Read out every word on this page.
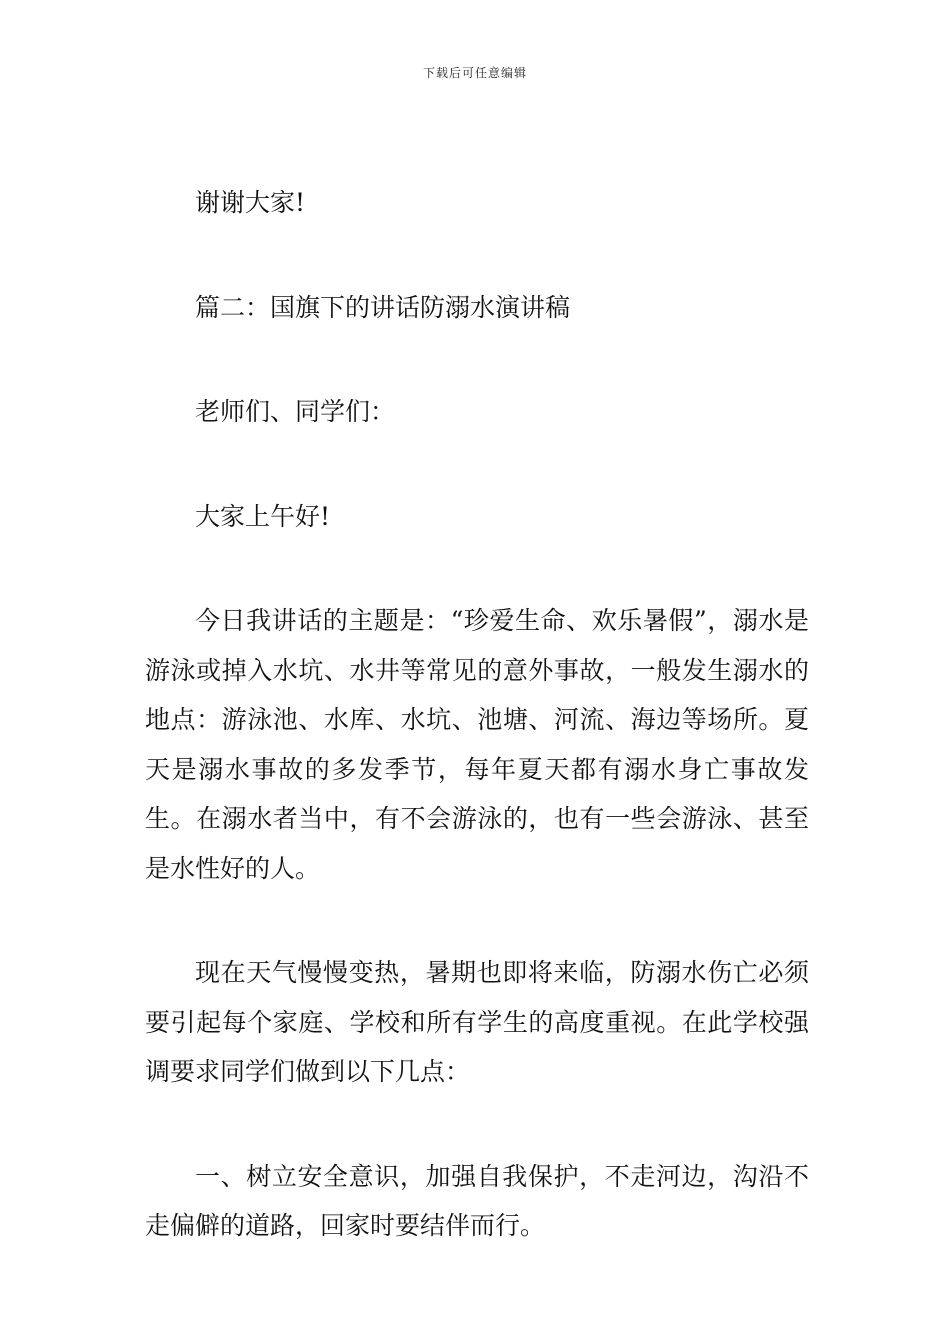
下载后可任意编辑

谢谢大家!

篇二：国旗下的讲话防溺水演讲稿

老师们、同学们：

大家上午好!

今日我讲话的主题是：“珍爱生命、欢乐暑假”，溺水是游泳或掉入水坑、水井等常见的意外事故，一般发生溺水的地点：游泳池、水库、水坑、池塘、河流、海边等场所。夏天是溺水事故的多发季节，每年夏天都有溺水身亡事故发生。在溺水者当中，有不会游泳的，也有一些会游泳、甚至是水性好的人。

现在天气慢慢变热，暑期也即将来临，防溺水伤亡必须要引起每个家庭、学校和所有学生的高度重视。在此学校强调要求同学们做到以下几点：

一、树立安全意识，加强自我保护，不走河边，沟沿不走偏僻的道路，回家时要结伴而行。
